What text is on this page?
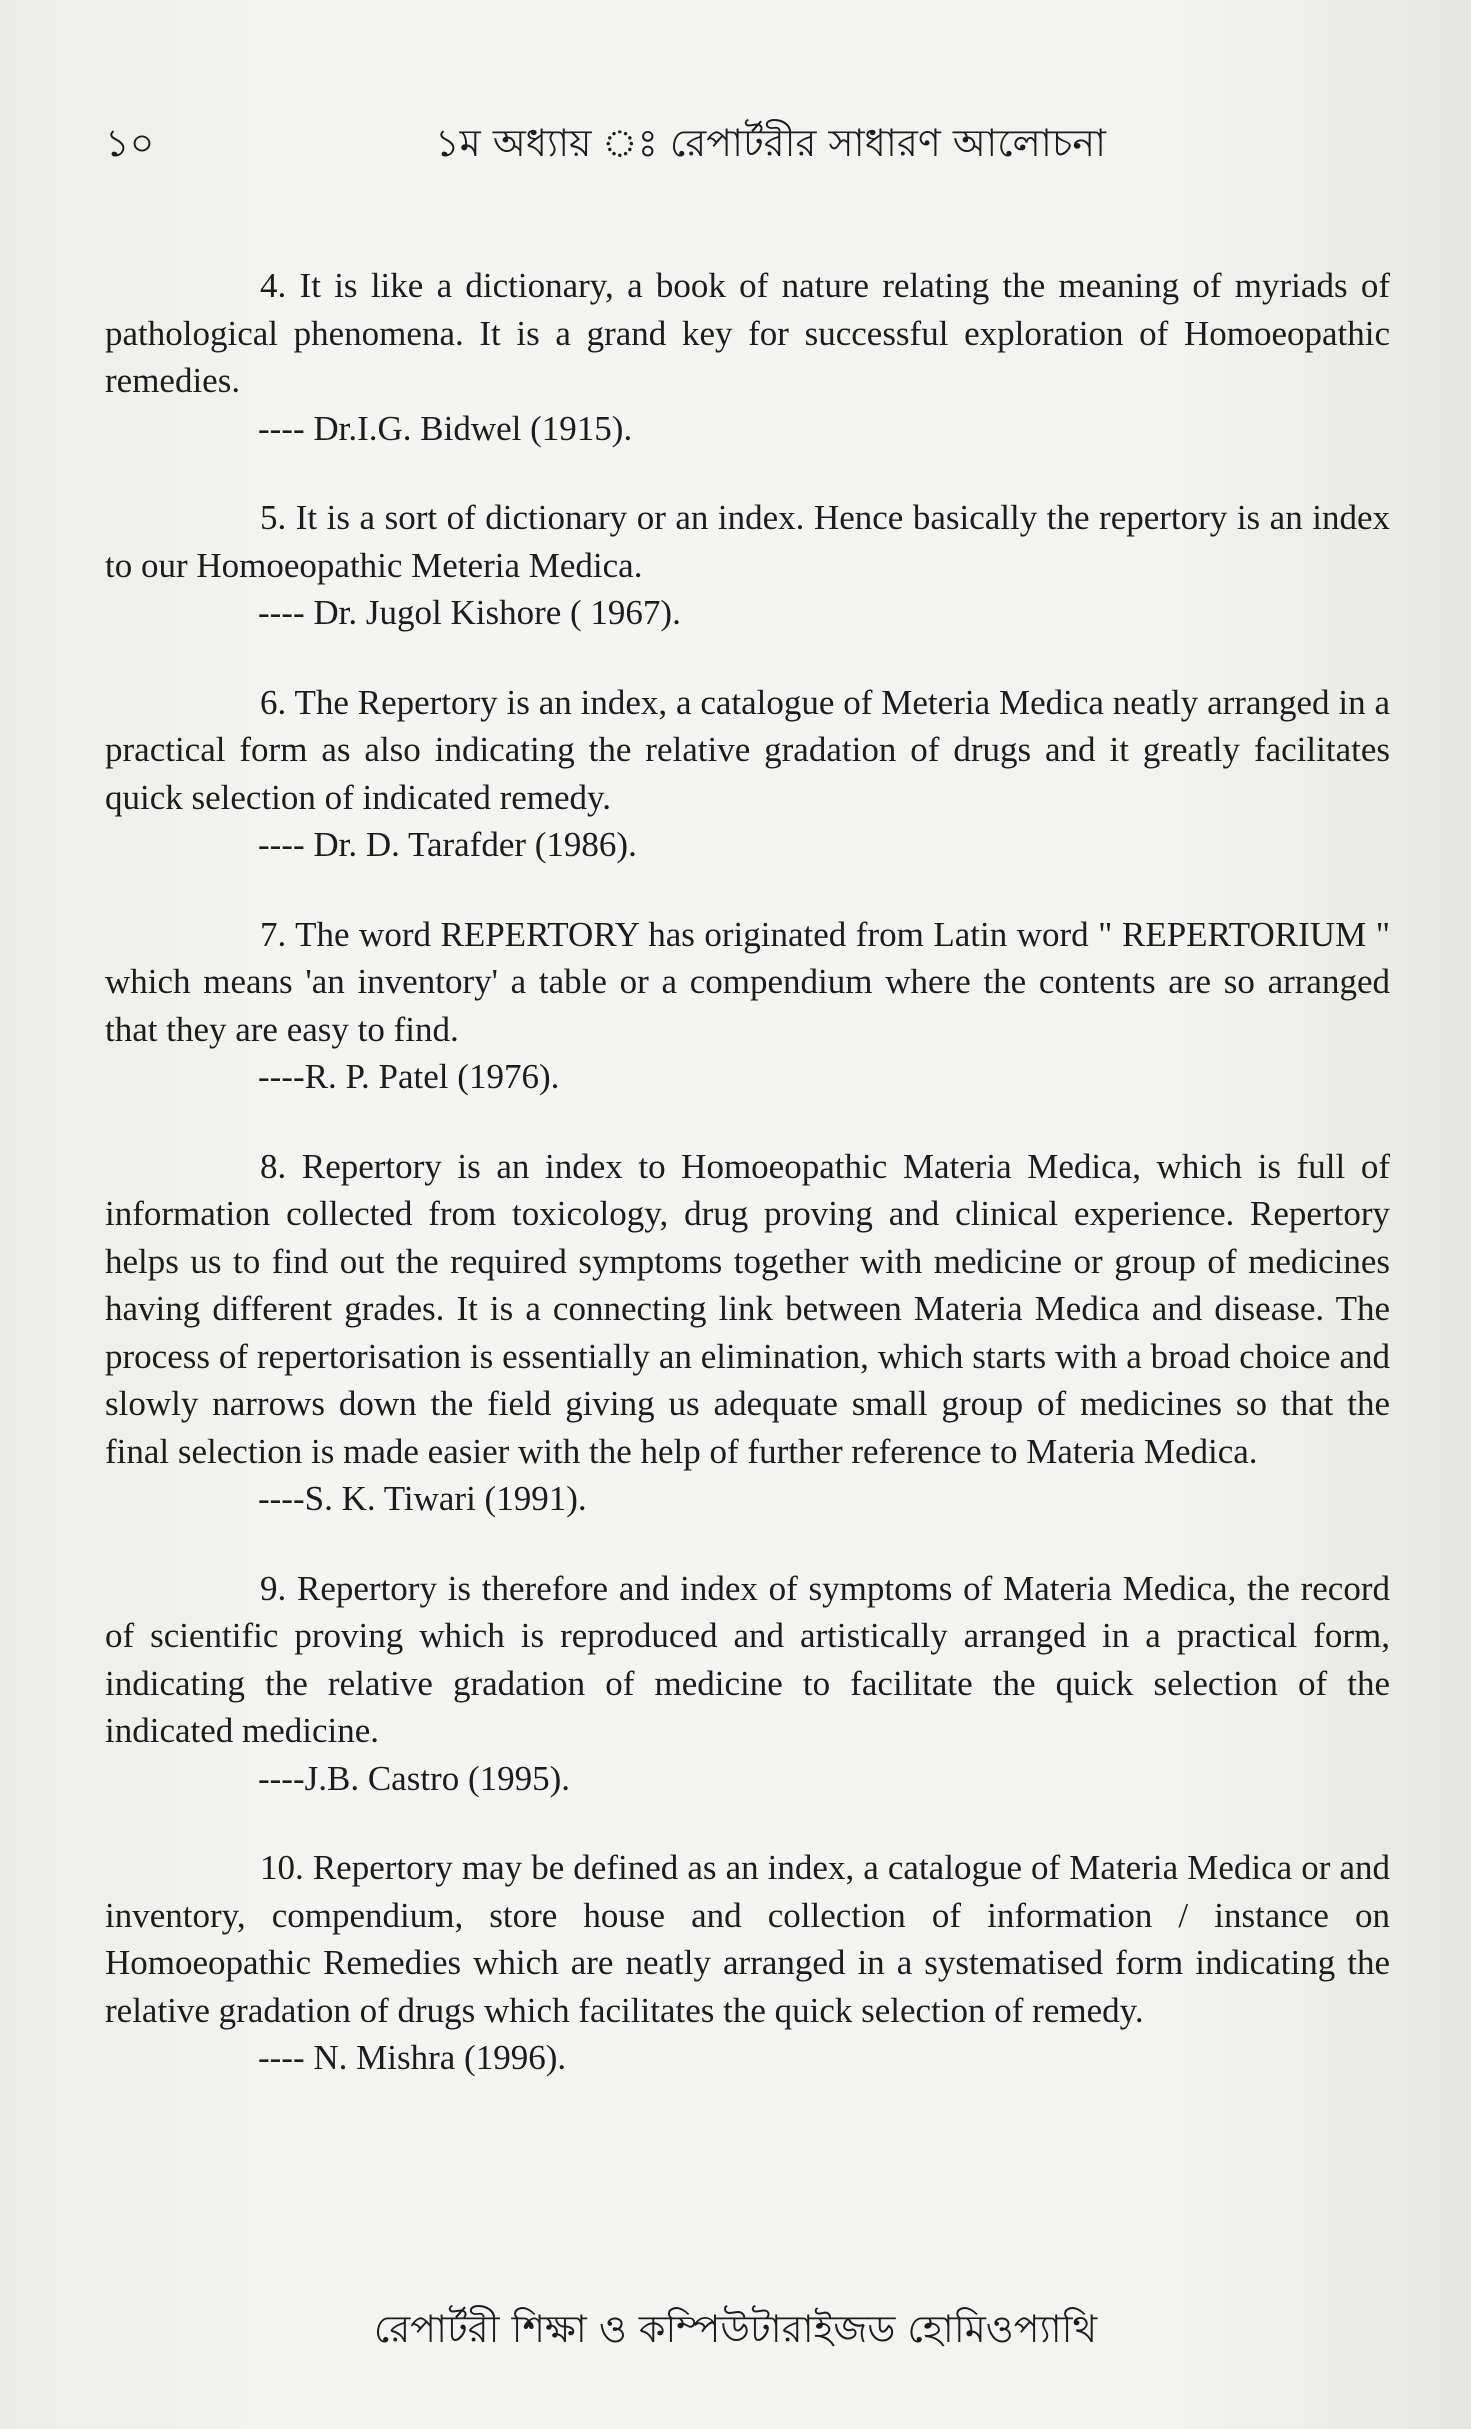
১০	১ম অধ্যায় ঃ রেপার্টরীর সাধারণ আলোচনা

4. It is like a dictionary, a book of nature relating the meaning of myriads of pathological phenomena. It is a grand key for successful exploration of Homoeopathic remedies.

---- Dr.I.G. Bidwel (1915).

5. It is a sort of dictionary or an index. Hence basically the repertory is an index to our Homoeopathic Meteria Medica.

---- Dr. Jugol Kishore ( 1967).

6. The Repertory is an index, a catalogue of Meteria Medica neatly arranged in a practical form as also indicating the relative gradation of drugs and it greatly facilitates quick selection of indicated remedy.

---- Dr. D. Tarafder (1986).

7. The word REPERTORY has originated from Latin word " REPERTORIUM " which means 'an inventory' a table or a compendium where the contents are so arranged that they are easy to find.

----R. P. Patel (1976).

8. Repertory is an index to Homoeopathic Materia Medica, which is full of information collected from toxicology, drug proving and clinical experience. Repertory helps us to find out the required symptoms together with medicine or group of medicines having different grades. It is a connecting link between Materia Medica and disease. The process of repertorisation is essentially an elimination, which starts with a broad choice and slowly narrows down the field giving us adequate small group of medicines so that the final selection is made easier with the help of further reference to Materia Medica.

----S. K. Tiwari (1991).

9. Repertory is therefore and index of symptoms of Materia Medica, the record of scientific proving which is reproduced and artistically arranged in a practical form, indicating the relative gradation of medicine to facilitate the quick selection of the indicated medicine.

----J.B. Castro (1995).

10. Repertory may be defined as an index, a catalogue of Materia Medica or and inventory, compendium, store house and collection of information / instance on Homoeopathic Remedies which are neatly arranged in a systematised form indicating the relative gradation of drugs which facilitates the quick selection of remedy.

---- N. Mishra (1996).
রেপার্টরী শিক্ষা ও কম্পিউটারাইজড হোমিওপ্যাথি
